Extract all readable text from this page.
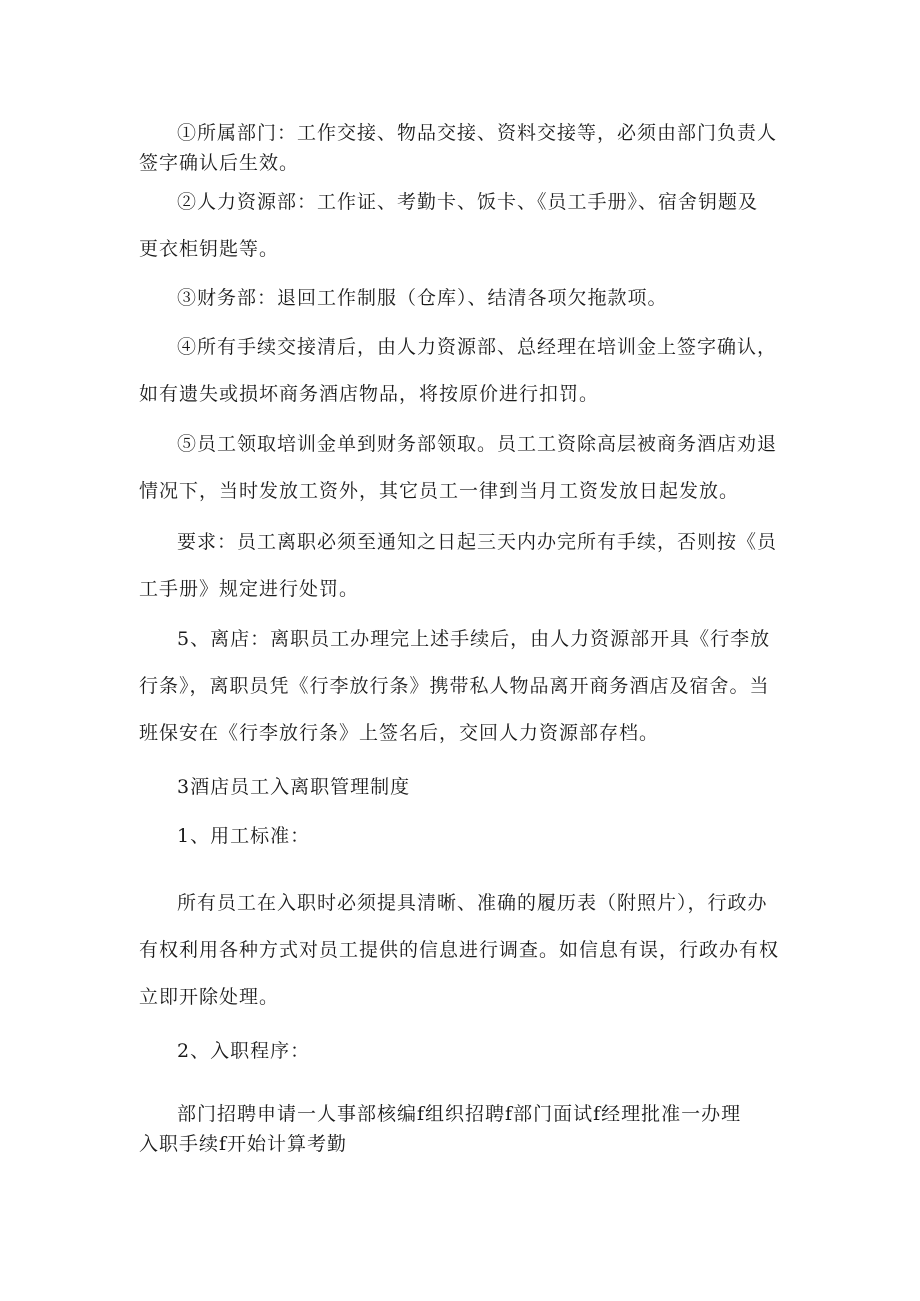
①所属部门：工作交接、物品交接、资料交接等，必须由部门负责人
签字确认后生效。
②人力资源部：工作证、考勤卡、饭卡、《员工手册》、宿舍钥题及
更衣柜钥匙等。
③财务部：退回工作制服（仓库）、结清各项欠拖款项。
④所有手续交接清后，由人力资源部、总经理在培训金上签字确认，
如有遗失或损坏商务酒店物品，将按原价进行扣罚。
⑤员工领取培训金单到财务部领取。员工工资除高层被商务酒店劝退
情况下，当时发放工资外，其它员工一律到当月工资发放日起发放。
要求：员工离职必须至通知之日起三天内办完所有手续，否则按《员
工手册》规定进行处罚。
5、离店：离职员工办理完上述手续后，由人力资源部开具《行李放
行条》，离职员凭《行李放行条》携带私人物品离开商务酒店及宿舍。当
班保安在《行李放行条》上签名后，交回人力资源部存档。
3酒店员工入离职管理制度
1、用工标准：
所有员工在入职时必须提具清晰、准确的履历表（附照片），行政办
有权利用各种方式对员工提供的信息进行调查。如信息有误，行政办有权
立即开除处理。
2、入职程序：
部门招聘申请一人事部核编f组织招聘f部门面试f经理批准一办理
入职手续f开始计算考勤
